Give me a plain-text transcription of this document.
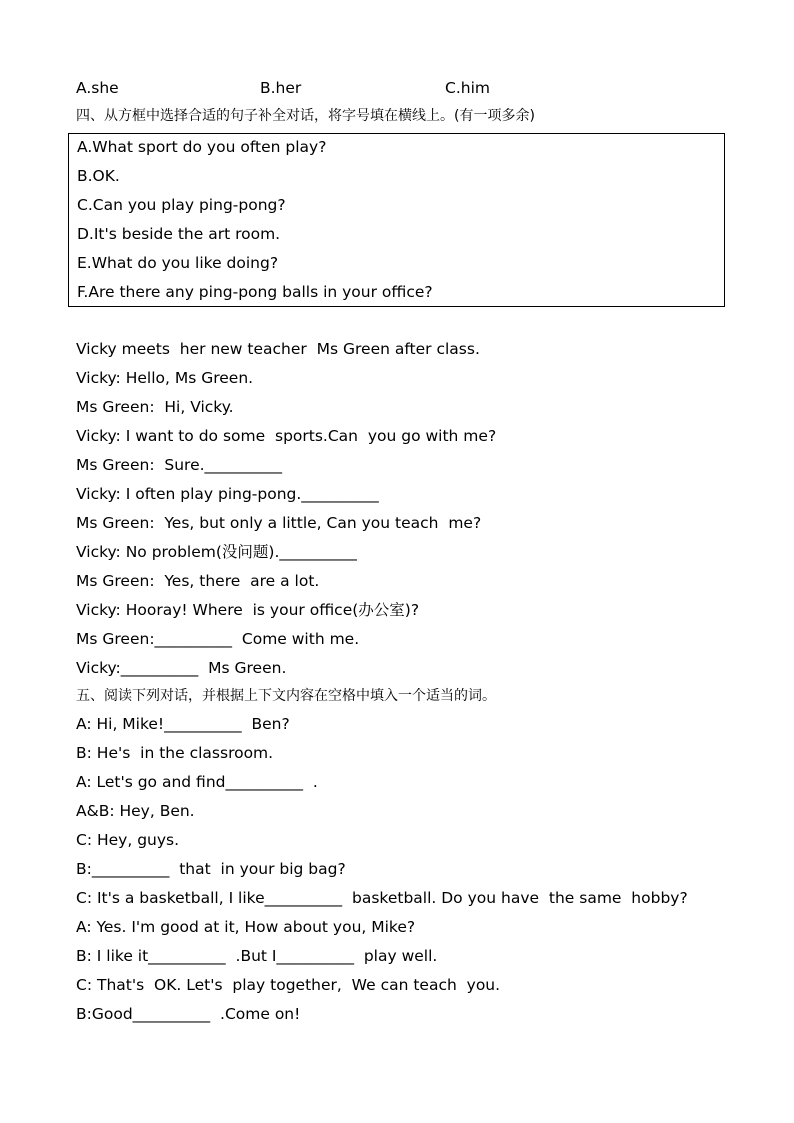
A.she	B.her	C.him
四、从方框中选择合适的句子补全对话，将字号填在横线上。(有一项多余)
A.What sport do you often play?
B.OK.
C.Can you play ping-pong?
D.It's beside the art room.
E.What do you like doing?
F.Are there any ping-pong balls in your office?
Vicky meets  her new teacher  Ms Green after class.
Vicky: Hello, Ms Green.
Ms Green:  Hi, Vicky.
Vicky: I want to do some  sports.Can  you go with me?
Ms Green:  Sure.__________
Vicky: I often play ping-pong.__________
Ms Green:  Yes, but only a little, Can you teach  me?
Vicky: No problem(没问题).__________
Ms Green:  Yes, there  are a lot.
Vicky: Hooray! Where  is your office(办公室)?
Ms Green:__________  Come with me.
Vicky:__________  Ms Green.
五、阅读下列对话，并根据上下文内容在空格中填入一个适当的词。
A: Hi, Mike!__________  Ben?
B: He's  in the classroom.
A: Let's go and find__________  .
A&B: Hey, Ben.
C: Hey, guys.
B:__________  that  in your big bag?
C: It's a basketball, I like__________  basketball. Do you have  the same  hobby?
A: Yes. I'm good at it, How about you, Mike?
B: I like it__________  .But I__________  play well.
C: That's  OK. Let's  play together,  We can teach  you.
B:Good__________  .Come on!
